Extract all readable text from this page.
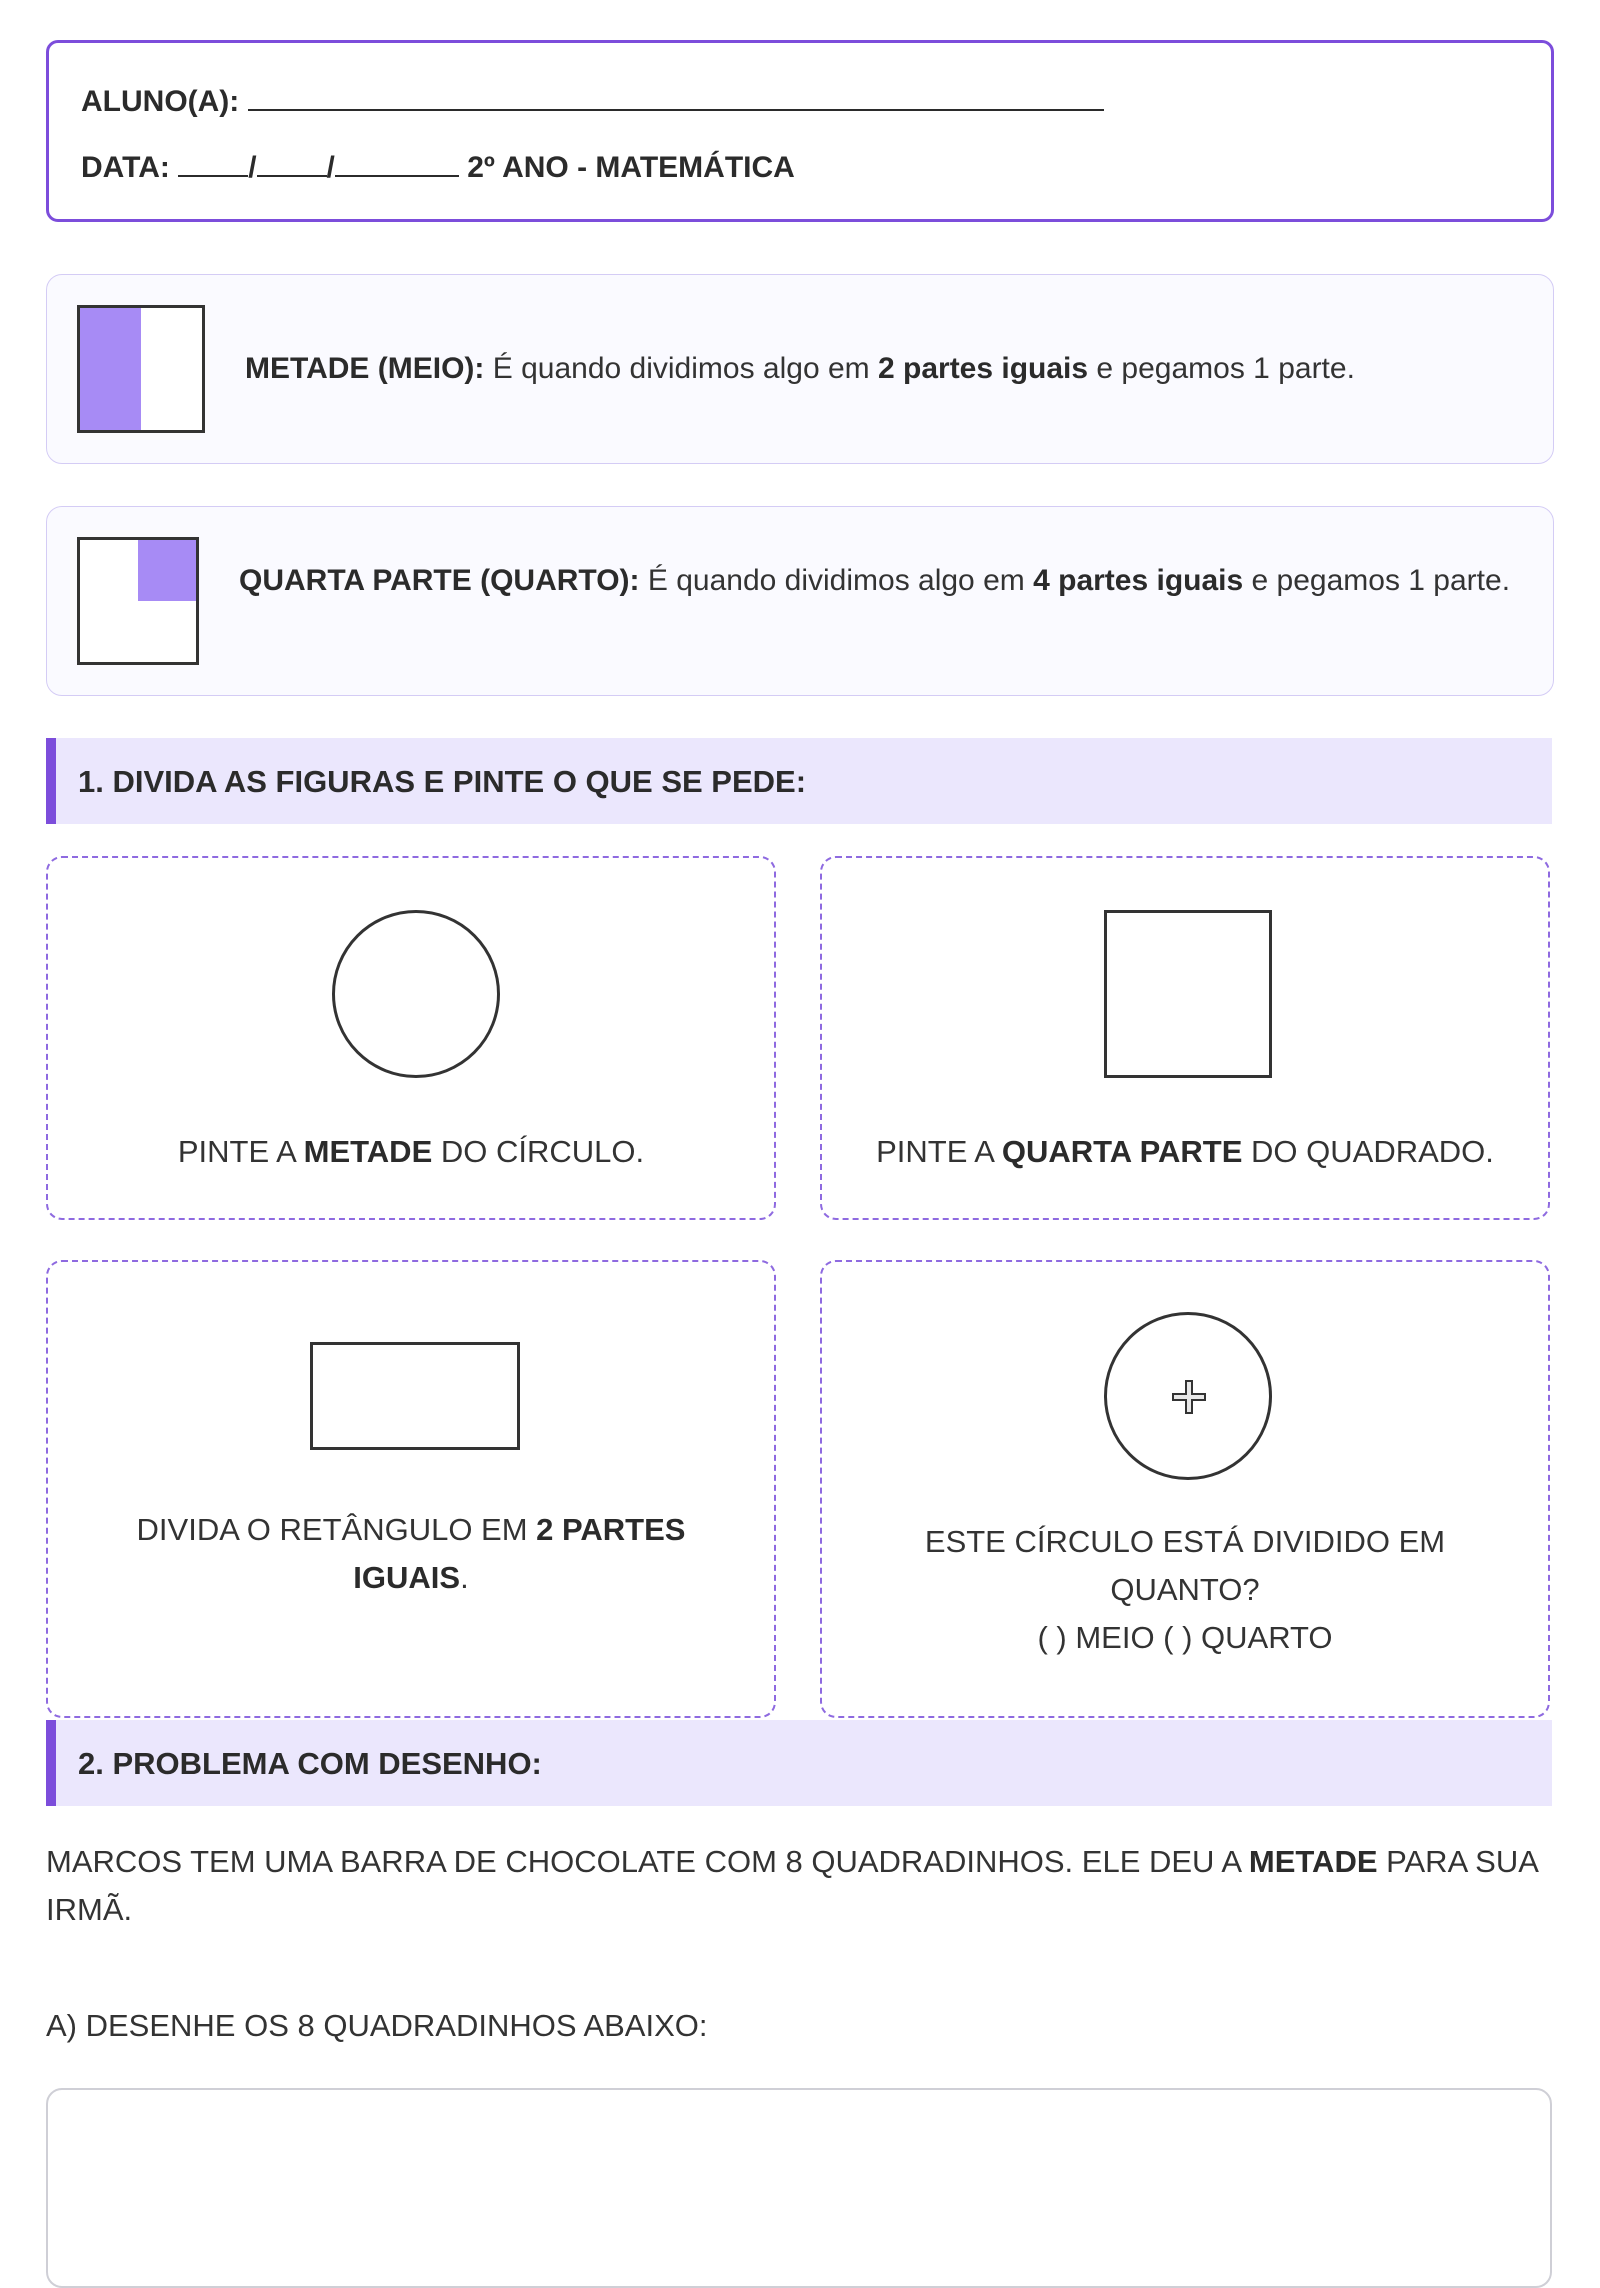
ALUNO(A):
DATA:	/ /	2º ANO - MATEMÁTICA
METADE (MEIO): É quando dividimos algo em 2 partes iguais e pegamos 1 parte.
QUARTA PARTE (QUARTO): É quando dividimos algo em 4 partes iguais e pegamos 1 parte.
1. DIVIDA AS FIGURAS E PINTE O QUE SE PEDE:
PINTE A METADE DO CÍRCULO.	PINTE A QUARTA PARTE DO QUADRADO.
DIVIDA O RETÂNGULO EM 2 PARTES IGUAIS.
ESTE CÍRCULO ESTÁ DIVIDIDO EM QUANTO?
( ) MEIO ( ) QUARTO
2. PROBLEMA COM DESENHO:
MARCOS TEM UMA BARRA DE CHOCOLATE COM 8 QUADRADINHOS. ELE DEU A METADE PARA SUA IRMÃ.
A) DESENHE OS 8 QUADRADINHOS ABAIXO:
